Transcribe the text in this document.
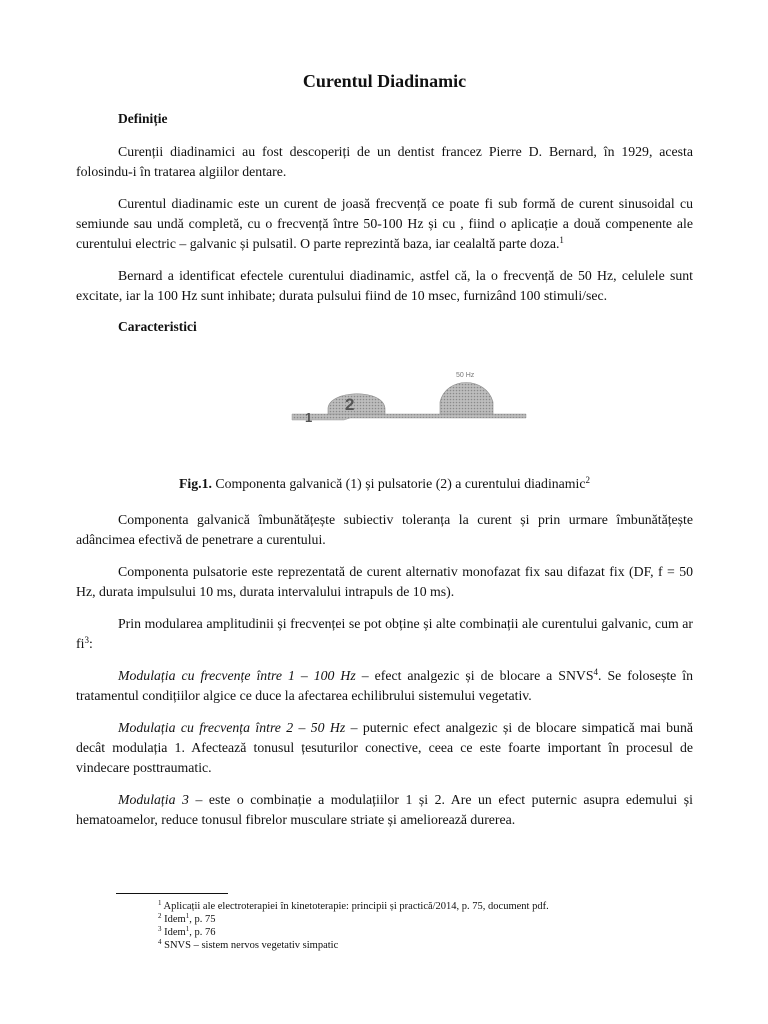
Curentul Diadinamic
Definiție

Curenții diadinamici au fost descoperiți de un dentist francez Pierre D. Bernard, în 1929, acesta folosindu-i în tratarea algiilor dentare.

Curentul diadinamic este un curent de joasă frecvență ce poate fi sub formă de curent sinusoidal cu semiunde sau undă completă, cu o frecvență între 50-100 Hz și cu , fiind o aplicație a două compenente ale curentului electric – galvanic și pulsatil. O parte reprezintă baza, iar cealaltă parte doza.$^1$

Bernard a identificat efectele curentului diadinamic, astfel că, la o frecvență de 50 Hz, celulele sunt excitate, iar la 100 Hz sunt inhibate; durata pulsului fiind de 10 msec, furnizând 100 stimuli/sec.

Caracteristici
1
2
50 Hz

Fig.1. Componenta galvanică (1) și pulsatorie (2) a curentului diadinamic$^2$

Componenta galvanică îmbunătățește subiectiv toleranța la curent și prin urmare îmbunătățește adâncimea efectivă de penetrare a curentului.

Componenta pulsatorie este reprezentată de curent alternativ monofazat fix sau difazat fix (DF, f = 50 Hz, durata impulsului 10 ms, durata intervalului intrapuls de 10 ms).

Prin modularea amplitudinii și frecvenței se pot obține și alte combinații ale curentului galvanic, cum ar $fi^3$:

Modulația cu frecvențe între 1 – 100 Hz – efect analgezic și de blocare a SNVS$^4$. Se folosește în tratamentul condițiilor algice ce duce la afectarea echilibrului sistemului vegetativ.

Modulația cu frecvența între 2 – 50 Hz – puternic efect analgezic și de blocare simpatică mai bună decât modulația 1. Afectează tonusul țesuturilor conective, ceea ce este foarte important în procesul de vindecare posttraumatic.

Modulația 3 – este o combinație a modulațiilor 1 și 2. Are un efect puternic asupra edemului și hematoamelor, reduce tonusul fibrelor musculare striate și ameliorează durerea.

$^1$ Aplicații ale electroterapiei în kinetoterapie: principii și practică/2014, p. 75, document pdf.

$^2$ Idem$^1$, p. 75

$^3$ Idem$^1$, p. 76

$^4$ SNVS – sistem nervos vegetativ simpatic
